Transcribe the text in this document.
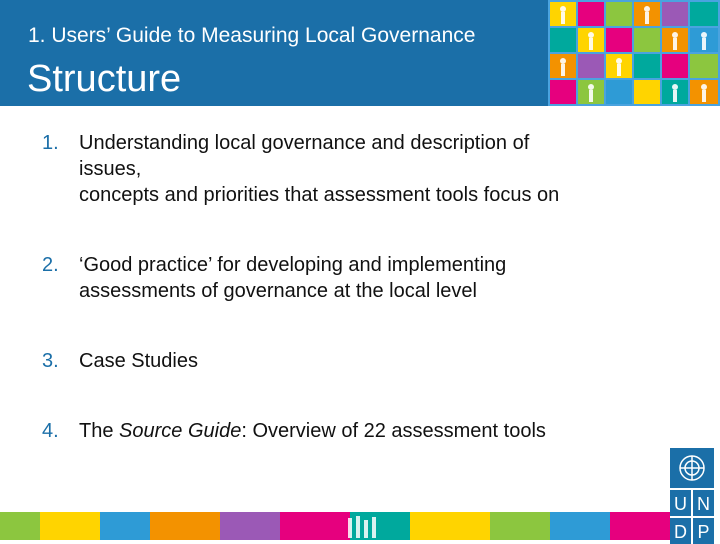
1. Users’ Guide to Measuring Local Governance
Structure
1. Understanding local governance and description of
issues,
concepts and priorities that assessment tools focus on
2. ‘Good practice’ for developing and implementing
assessments of governance at the local level
3. Case Studies
4. The Source Guide: Overview of 22 assessment tools
U N
D P
